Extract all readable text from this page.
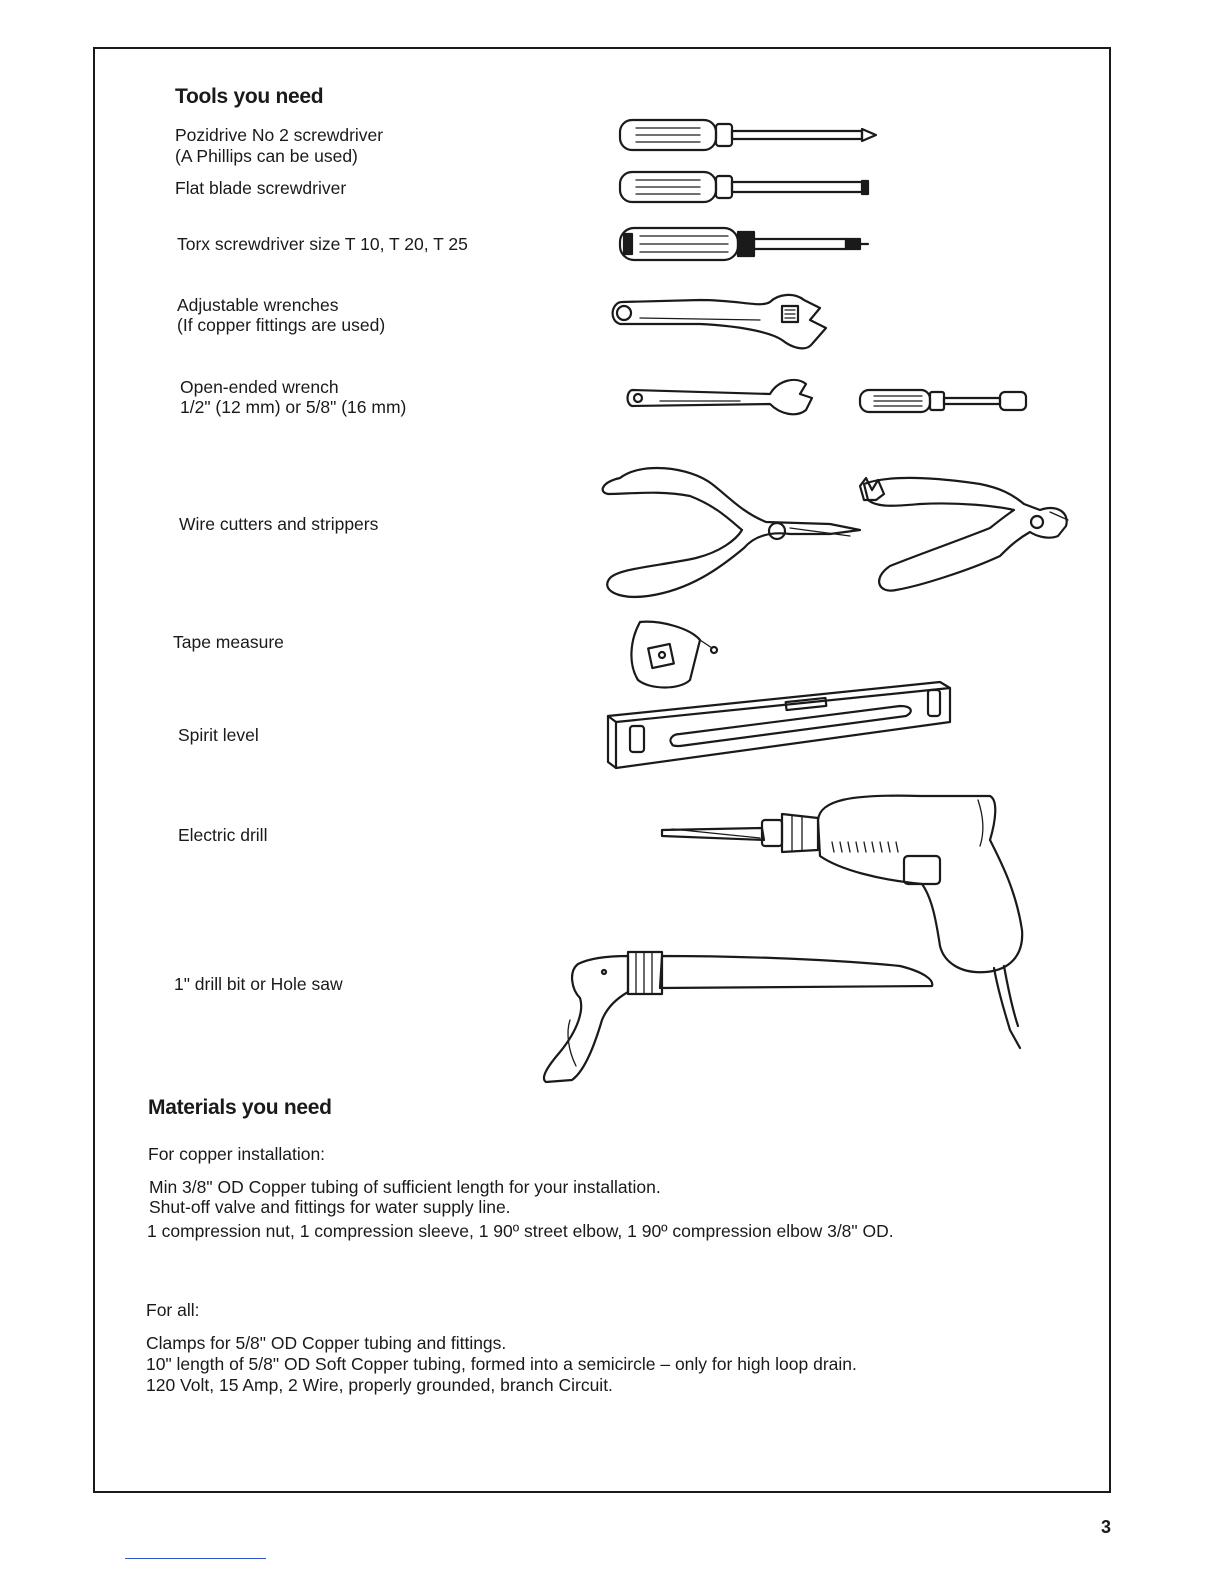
Tools you need
Pozidrive No 2 screwdriver
(A Phillips can be used)
Flat blade screwdriver
Torx screwdriver size T 10, T 20, T 25
Adjustable wrenches
(If copper fittings are used)
Open-ended wrench
1/2" (12 mm) or 5/8" (16 mm)
Wire cutters and strippers
Tape measure
Spirit level
Electric drill
1" drill bit or Hole saw
Materials you need
For copper installation:
Min 3/8" OD Copper tubing of sufficient length for your installation.
Shut-off valve and fittings for water supply line.
1 compression nut, 1 compression sleeve, 1 90º street elbow, 1 90º compression elbow 3/8" OD.
For all:
Clamps for 5/8" OD Copper tubing and fittings.
10" length of 5/8" OD Soft Copper tubing, formed into a semicircle – only for high loop drain.
120 Volt, 15 Amp, 2 Wire, properly grounded, branch Circuit.
3
